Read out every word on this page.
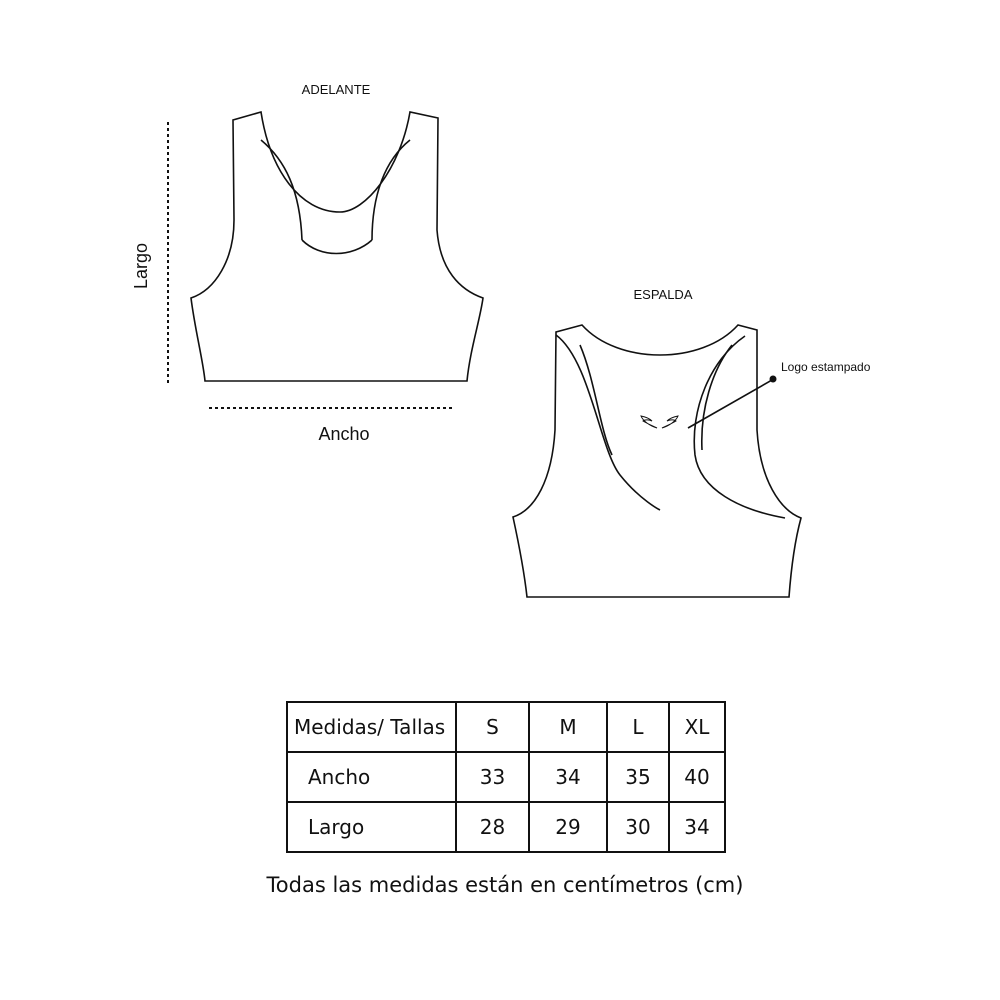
ADELANTE
Largo
Ancho
ESPALDA
Logo estampado
Medidas/ Tallas	S	M	L	XL
Ancho	33	34	35	40
Largo	28	29	30	34
Todas las medidas están en centímetros (cm)
